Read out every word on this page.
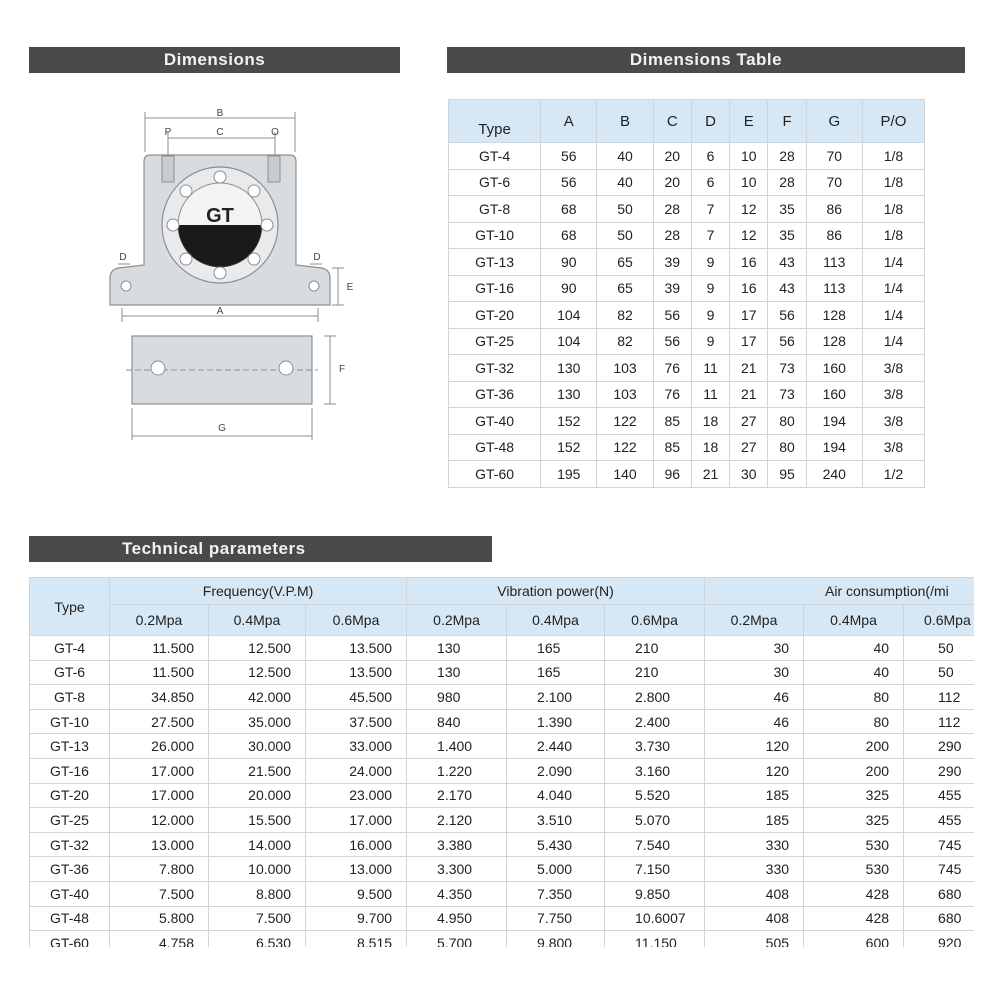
Dimensions	Dimensions Table
Technical parameters
B
P	C	O
GT
D	D
E
A
F
G
Type	A	B	C	D	E	F	G	P/O
GT-4	56	40	20	6	10	28	70	1/8
GT-6	56	40	20	6	10	28	70	1/8
GT-8	68	50	28	7	12	35	86	1/8
GT-10	68	50	28	7	12	35	86	1/8
GT-13	90	65	39	9	16	43	113	1/4
GT-16	90	65	39	9	16	43	113	1/4
GT-20	104	82	56	9	17	56	128	1/4
GT-25	104	82	56	9	17	56	128	1/4
GT-32	130	103	76	11	21	73	160	3/8
GT-36	130	103	76	11	21	73	160	3/8
GT-40	152	122	85	18	27	80	194	3/8
GT-48	152	122	85	18	27	80	194	3/8
GT-60	195	140	96	21	30	95	240	1/2
Type	Frequency(V.P.M)			Vibration power(N)			Air consumption(/mi		
	0.2Mpa	0.4Mpa	0.6Mpa	0.2Mpa	0.4Mpa	0.6Mpa	0.2Mpa	0.4Mpa	0.6Mpa
GT-4	11.500	12.500	13.500	130	165	210	30	40	50
GT-6	11.500	12.500	13.500	130	165	210	30	40	50
GT-8	34.850	42.000	45.500	980	2.100	2.800	46	80	112
GT-10	27.500	35.000	37.500	840	1.390	2.400	46	80	112
GT-13	26.000	30.000	33.000	1.400	2.440	3.730	120	200	290
GT-16	17.000	21.500	24.000	1.220	2.090	3.160	120	200	290
GT-20	17.000	20.000	23.000	2.170	4.040	5.520	185	325	455
GT-25	12.000	15.500	17.000	2.120	3.510	5.070	185	325	455
GT-32	13.000	14.000	16.000	3.380	5.430	7.540	330	530	745
GT-36	7.800	10.000	13.000	3.300	5.000	7.150	330	530	745
GT-40	7.500	8.800	9.500	4.350	7.350	9.850	408	428	680
GT-48	5.800	7.500	9.700	4.950	7.750	10.6007	408	428	680
GT-60	4.758	6.530	8.515	5.700	9.800	11.150	505	600	920
